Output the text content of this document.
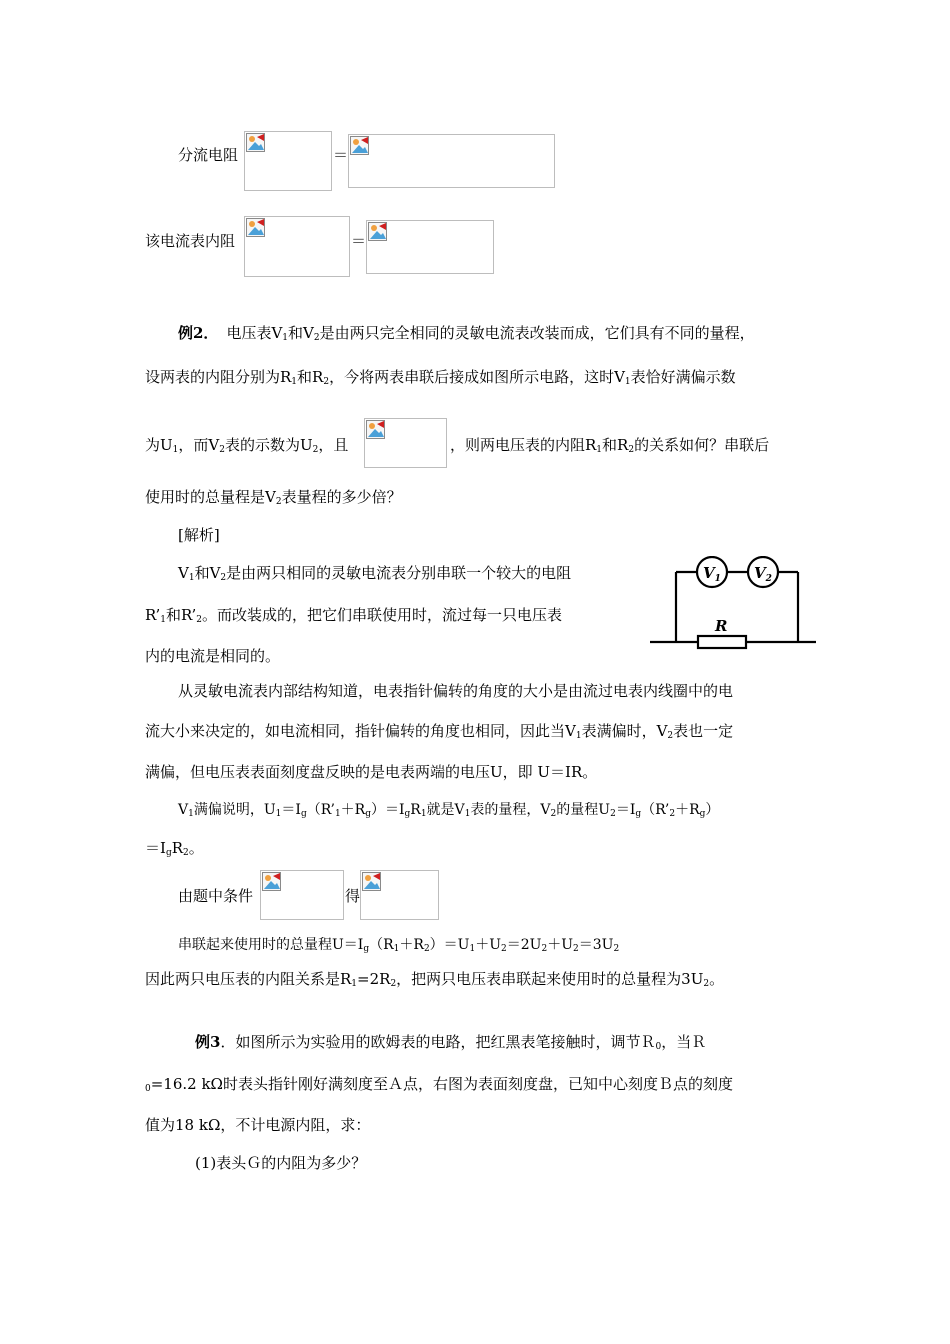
分流电阻	＝
该电流表内阻	＝
例2． 电压表V1和V2是由两只完全相同的灵敏电流表改装而成，它们具有不同的量程，
设两表的内阻分别为R1和R2，今将两表串联后接成如图所示电路，这时V1表恰好满偏示数
为U1，而V2表的示数为U2，且	，则两电压表的内阻R1和R2的关系如何？串联后
使用时的总量程是V2表量程的多少倍？
[解析]
V1和V2是由两只相同的灵敏电流表分别串联一个较大的电阻
R’1和R’2。而改装成的，把它们串联使用时，流过每一只电压表
内的电流是相同的。
$V_1$ $V_2$
R
从灵敏电流表内部结构知道，电表指针偏转的角度的大小是由流过电表内线圈中的电
流大小来决定的，如电流相同，指针偏转的角度也相同，因此当V1表满偏时，V2表也一定
满偏，但电压表表面刻度盘反映的是电表两端的电压U，即 U＝IR。
V1满偏说明，U1＝Ig（R’1＋Rg）＝IgR1就是V1表的量程，V2的量程U2＝Ig（R’2＋Rg）
＝IgR2。
由题中条件	得
串联起来使用时的总量程U＝Ig（R1＋R2）＝U1＋U2＝2U2＋U2＝3U2
因此两只电压表的内阻关系是R1=2R2，把两只电压表串联起来使用时的总量程为3U2。
例3．如图所示为实验用的欧姆表的电路，把红黑表笔接触时，调节Ｒ0，当Ｒ
0=16.2 kΩ时表头指针刚好满刻度至Ａ点，右图为表面刻度盘，已知中心刻度Ｂ点的刻度
值为18 kΩ，不计电源内阻，求：
(1)表头Ｇ的内阻为多少？
